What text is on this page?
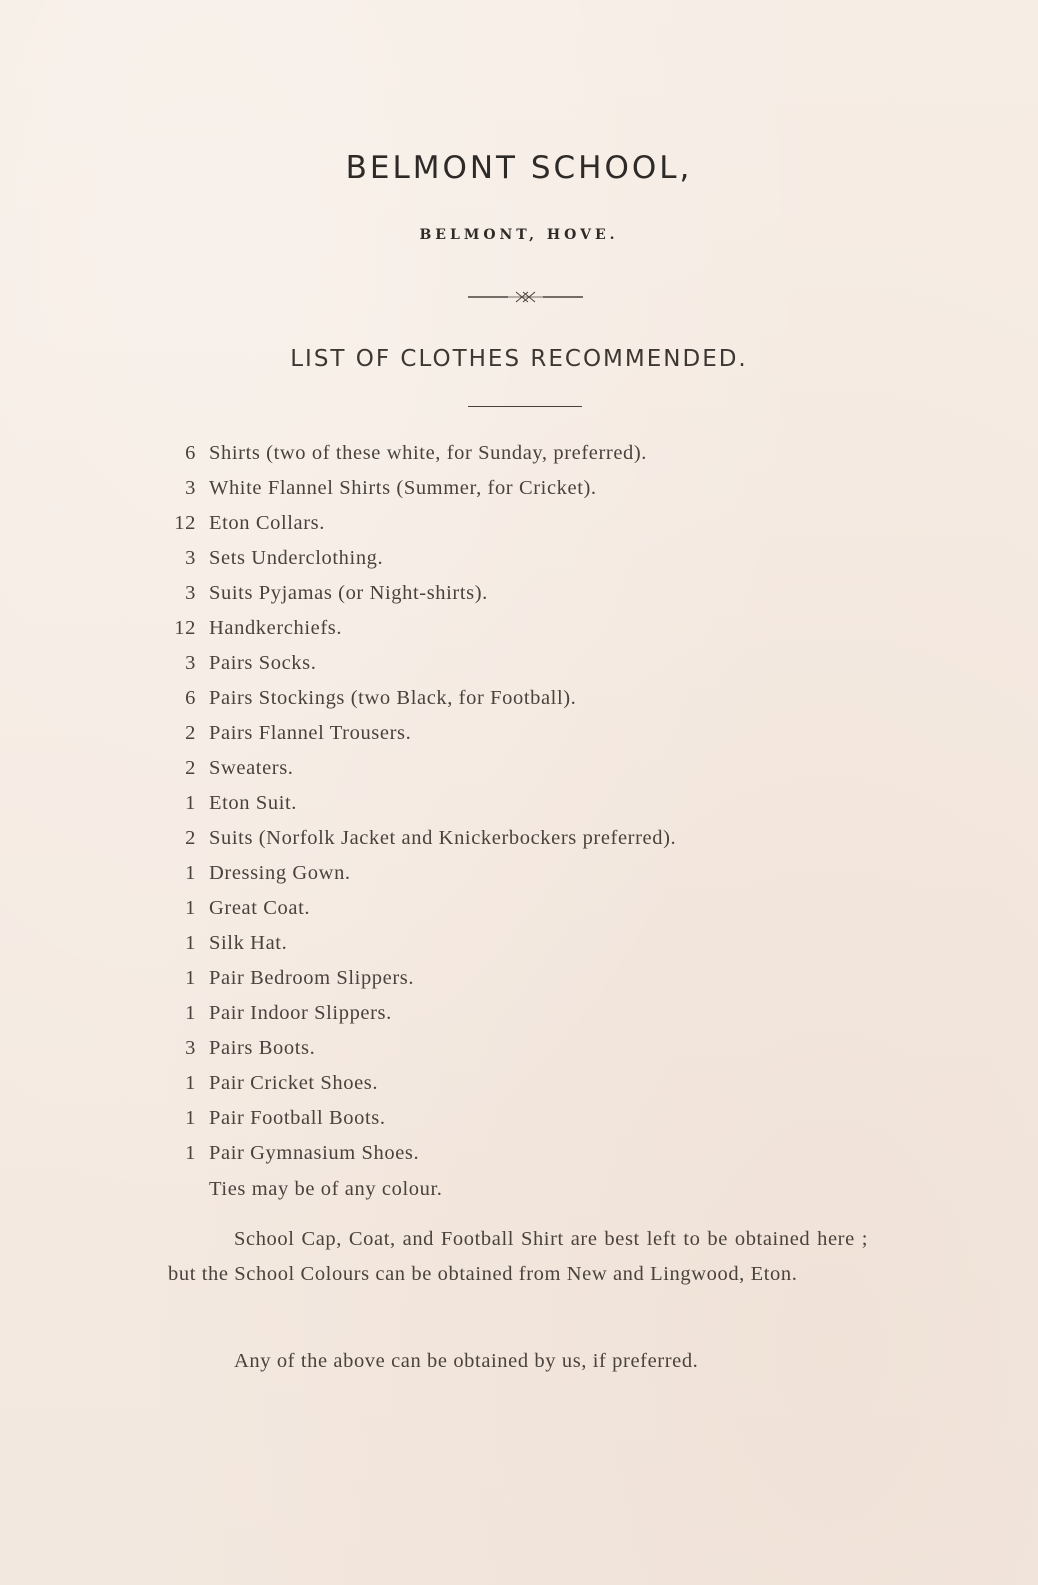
BELMONT SCHOOL,
BELMONT, HOVE.
LIST OF CLOTHES RECOMMENDED.
6 Shirts (two of these white, for Sunday, preferred).
3 White Flannel Shirts (Summer, for Cricket).
12 Eton Collars.
3 Sets Underclothing.
3 Suits Pyjamas (or Night-shirts).
12 Handkerchiefs.
3 Pairs Socks.
6 Pairs Stockings (two Black, for Football).
2 Pairs Flannel Trousers.
2 Sweaters.
1 Eton Suit.
2 Suits (Norfolk Jacket and Knickerbockers preferred).
1 Dressing Gown.
1 Great Coat.
1 Silk Hat.
1 Pair Bedroom Slippers.
1 Pair Indoor Slippers.
3 Pairs Boots.
1 Pair Cricket Shoes.
1 Pair Football Boots.
1 Pair Gymnasium Shoes.
Ties may be of any colour.

School Cap, Coat, and Football Shirt are best left to be obtained here ; but the School Colours can be obtained from New and Lingwood, Eton.

Any of the above can be obtained by us, if preferred.
